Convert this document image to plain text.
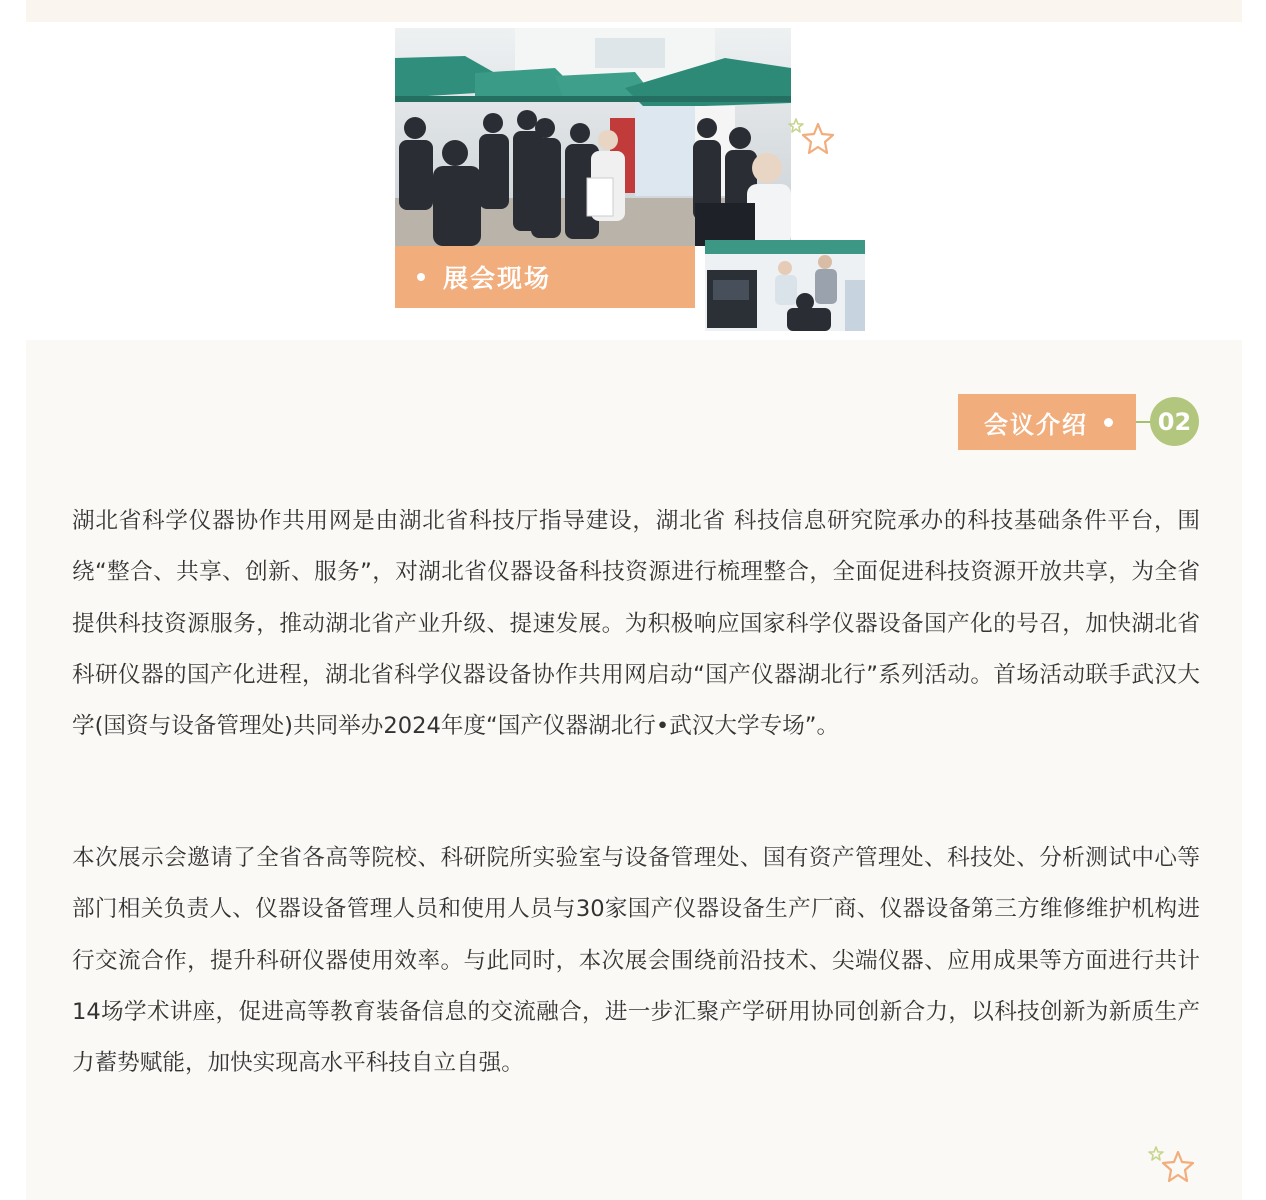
展会现场
会议介绍	02

湖北省科学仪器协作共用网是由湖北省科技厅指导建设，湖北省 科技信息研究院承办的科技基础条件平台，围绕“整合、共享、创新、服务”，对湖北省仪器设备科技资源进行梳理整合，全面促进科技资源开放共享，为全省提供科技资源服务，推动湖北省产业升级、提速发展。为积极响应国家科学仪器设备国产化的号召，加快湖北省科研仪器的国产化进程，湖北省科学仪器设备协作共用网启动“国产仪器湖北行”系列活动。首场活动联手武汉大学(国资与设备管理处)共同举办2024年度“国产仪器湖北行•武汉大学专场”。

本次展示会邀请了全省各高等院校、科研院所实验室与设备管理处、国有资产管理处、科技处、分析测试中心等部门相关负责人、仪器设备管理人员和使用人员与30家国产仪器设备生产厂商、仪器设备第三方维修维护机构进行交流合作，提升科研仪器使用效率。与此同时，本次展会围绕前沿技术、尖端仪器、应用成果等方面进行共计14场学术讲座，促进高等教育装备信息的交流融合，进一步汇聚产学研用协同创新合力，以科技创新为新质生产力蓄势赋能，加快实现高水平科技自立自强。
